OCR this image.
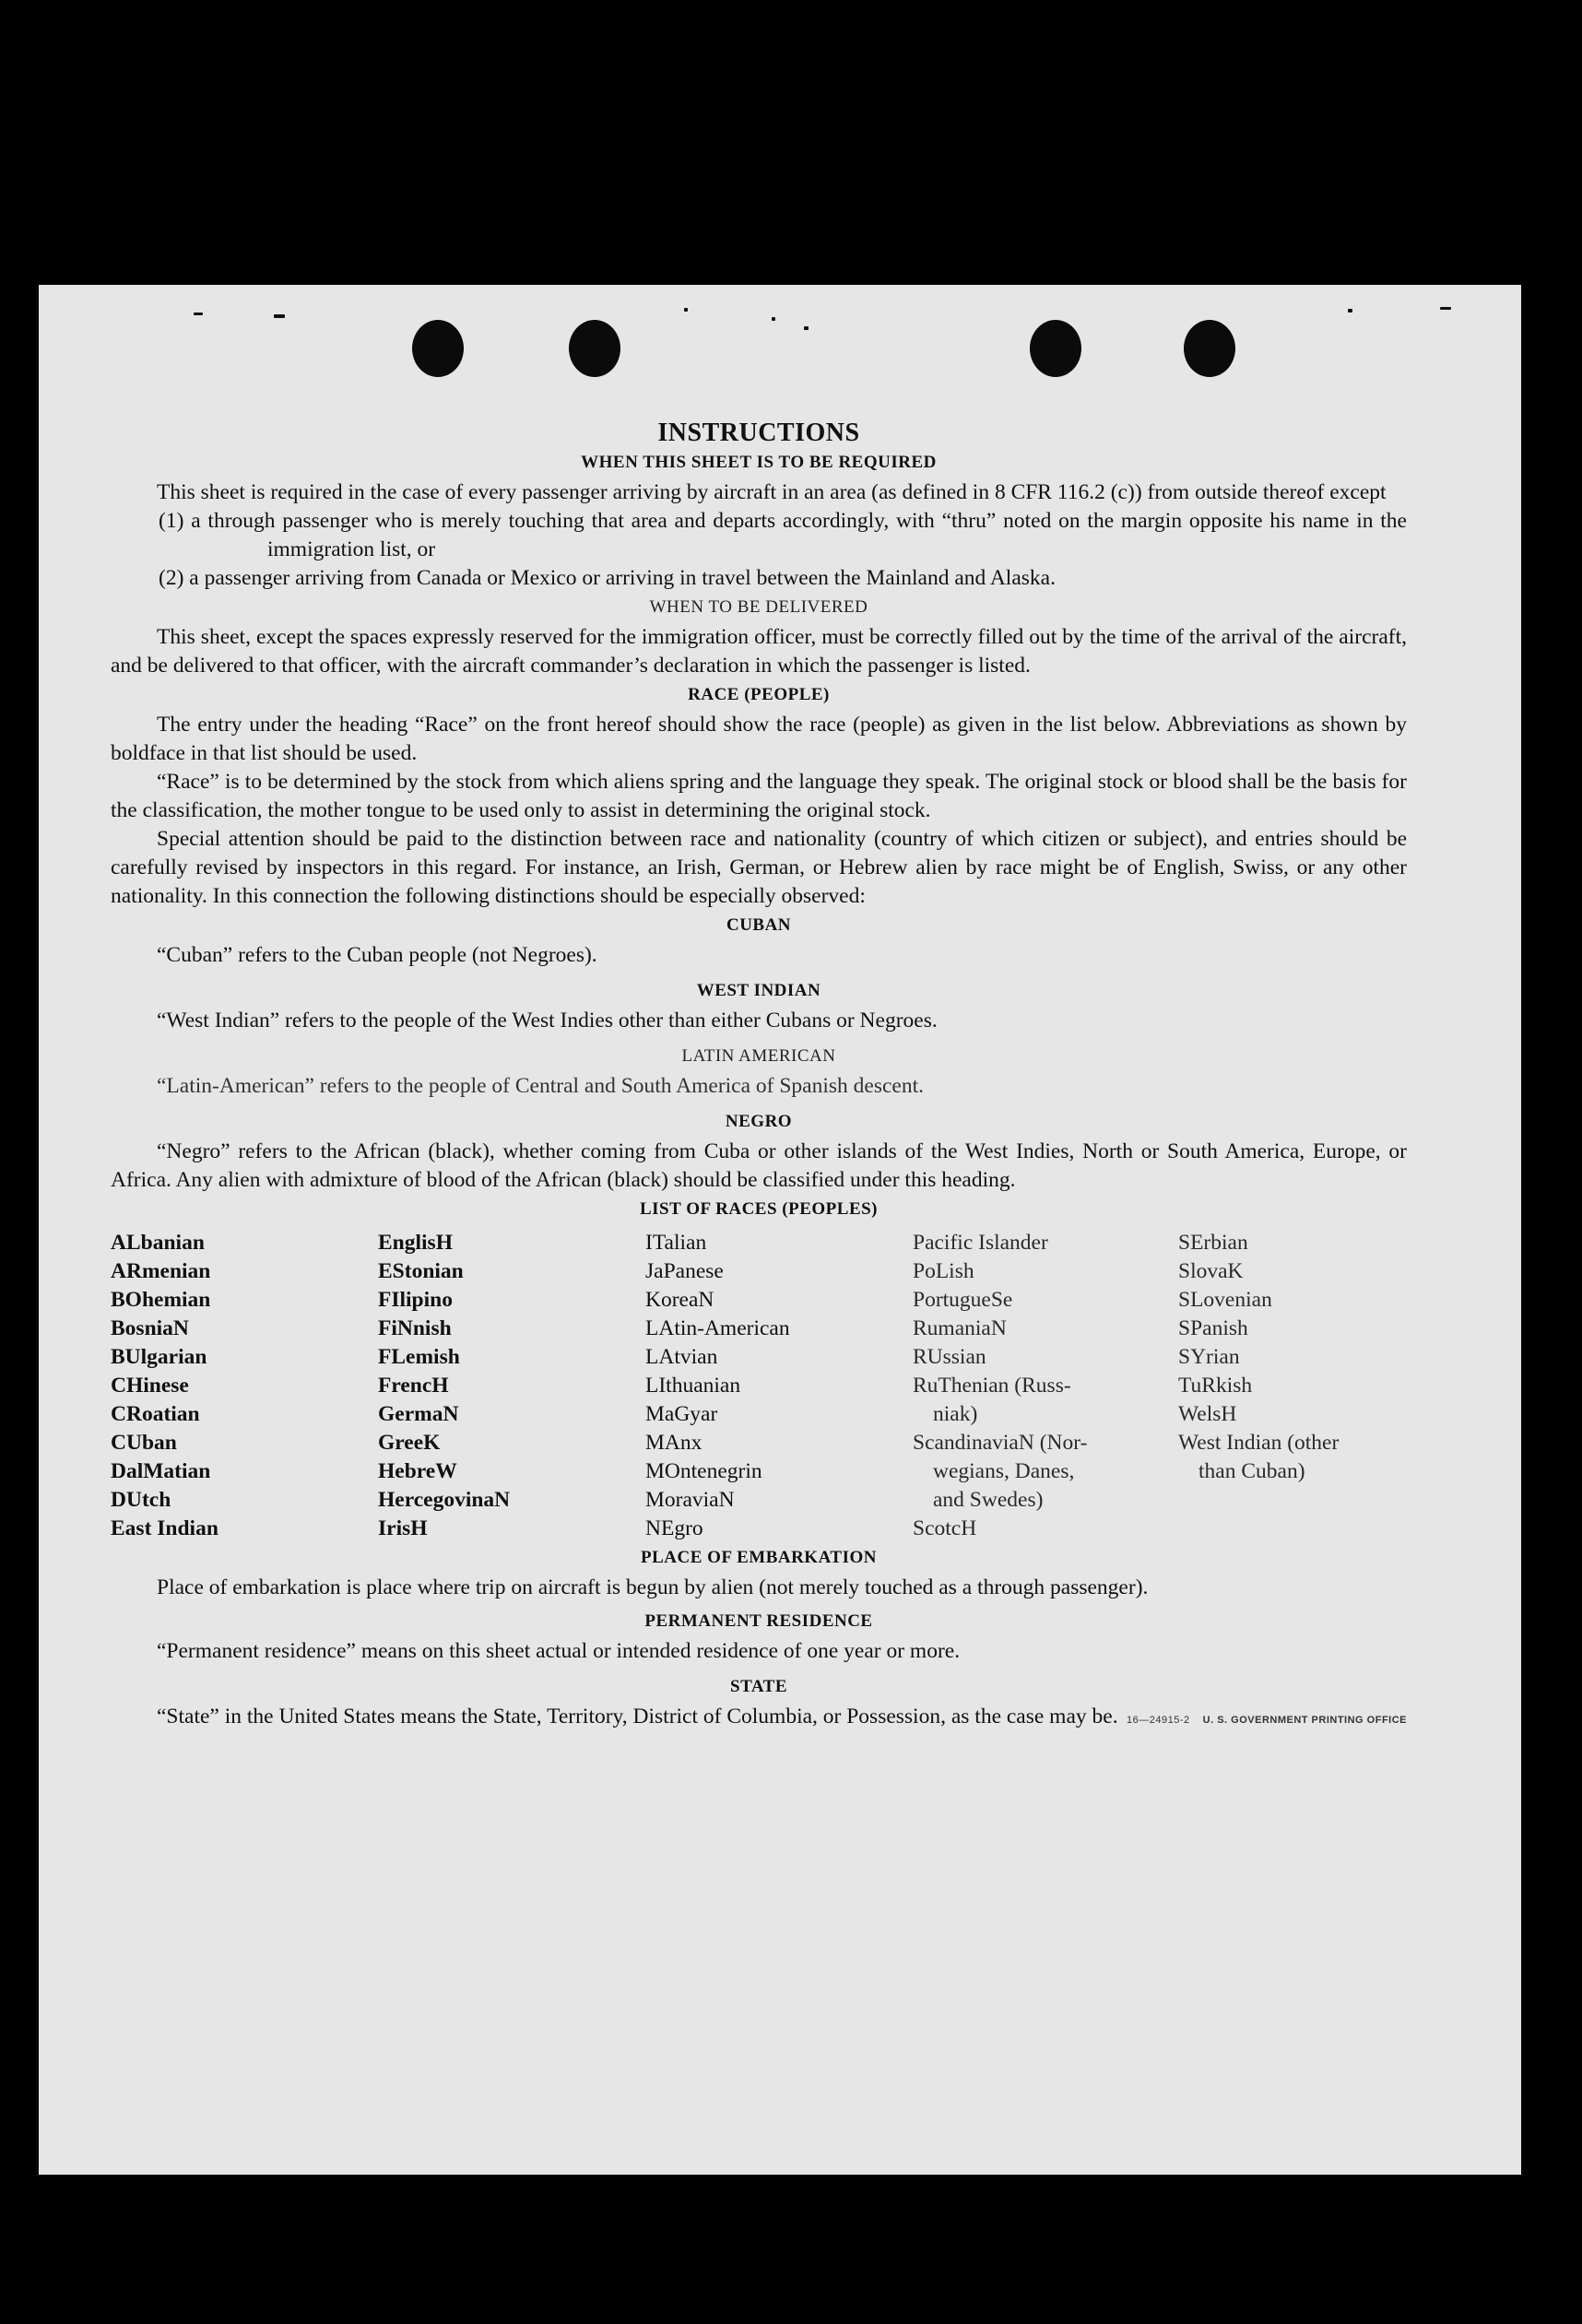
INSTRUCTIONS
WHEN THIS SHEET IS TO BE REQUIRED

This sheet is required in the case of every passenger arriving by aircraft in an area (as defined in 8 CFR 116.2 (c)) from outside thereof except

(1) a through passenger who is merely touching that area and departs accordingly, with “thru” noted on the margin opposite his name in the immigration list, or
(2) a passenger arriving from Canada or Mexico or arriving in travel between the Mainland and Alaska.
WHEN TO BE DELIVERED

This sheet, except the spaces expressly reserved for the immigration officer, must be correctly filled out by the time of the arrival of the aircraft, and be delivered to that officer, with the aircraft commander’s declaration in which the passenger is listed.

RACE (PEOPLE)

The entry under the heading “Race” on the front hereof should show the race (people) as given in the list below. Abbreviations as shown by boldface in that list should be used.

“Race” is to be determined by the stock from which aliens spring and the language they speak. The original stock or blood shall be the basis for the classification, the mother tongue to be used only to assist in determining the original stock.

Special attention should be paid to the distinction between race and nationality (country of which citizen or subject), and entries should be carefully revised by inspectors in this regard. For instance, an Irish, German, or Hebrew alien by race might be of English, Swiss, or any other nationality. In this connection the following distinctions should be especially observed:

CUBAN

“Cuban” refers to the Cuban people (not Negroes).

WEST INDIAN

“West Indian” refers to the people of the West Indies other than either Cubans or Negroes.

LATIN AMERICAN

“Latin-American” refers to the people of Central and South America of Spanish descent.

NEGRO

“Negro” refers to the African (black), whether coming from Cuba or other islands of the West Indies, North or South America, Europe, or Africa. Any alien with admixture of blood of the African (black) should be classified under this heading.

LIST OF RACES (PEOPLES)
ALbanian
ARmenian
BOhemian
BosniaN
BUlgarian
CHinese
CRoatian
CUban
DalMatian
DUtch
East Indian
EnglisH
EStonian
FIlipino
FiNnish
FLemish
FrencH
GermaN
GreeK
HebreW
HercegovinaN
IrisH
ITalian
JaPanese
KoreaN
LAtin-American
LAtvian
LIthuanian
MaGyar
MAnx
MOntenegrin
MoraviaN
NEgro
Pacific Islander
PoLish
PortugueSe
RumaniaN
RUssian
RuThenian (Russ-
niak)
ScandinaviaN (Nor-
wegians, Danes,
and Swedes)
ScotcH
SErbian
SlovaK
SLovenian
SPanish
SYrian
TuRkish
WelsH
West Indian (other
than Cuban)
PLACE OF EMBARKATION

Place of embarkation is place where trip on aircraft is begun by alien (not merely touched as a through passenger).

PERMANENT RESIDENCE

“Permanent residence” means on this sheet actual or intended residence of one year or more.

STATE

“State” in the United States means the State, Territory, District of Columbia, or Possession, as the case may be. 16—24915-2 U. S. GOVERNMENT PRINTING OFFICE
